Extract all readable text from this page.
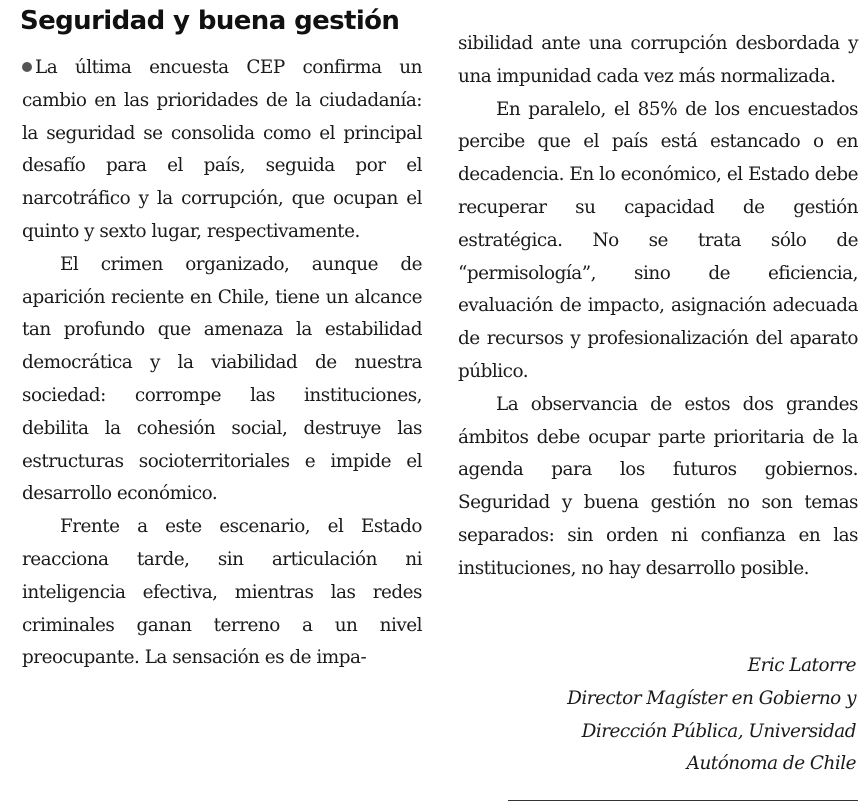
Seguridad y buena gestión

La última encuesta CEP confirma un cambio en las prioridades de la ciudadanía: la seguridad se consolida como el principal desafío para el país, seguida por el narcotráfico y la corrupción, que ocupan el quinto y sexto lugar, respectivamente.

El crimen organizado, aunque de aparición reciente en Chile, tiene un alcance tan profundo que amenaza la estabilidad democrática y la viabilidad de nuestra sociedad: corrompe las instituciones, debilita la cohesión social, destruye las estructuras socioterritoriales e impide el desarrollo económico.

Frente a este escenario, el Estado reacciona tarde, sin articulación ni inteligencia efectiva, mientras las redes criminales ganan terreno a un nivel preocupante. La sensación es de impa-

sibilidad ante una corrupción desbordada y una impunidad cada vez más normalizada.

En paralelo, el 85% de los encuestados percibe que el país está estancado o en decadencia. En lo económico, el Estado debe recuperar su capacidad de gestión estratégica. No se trata sólo de “permisología”, sino de eficiencia, evaluación de impacto, asignación adecuada de recursos y profesionalización del aparato público.

La observancia de estos dos grandes ámbitos debe ocupar parte prioritaria de la agenda para los futuros gobiernos. Seguridad y buena gestión no son temas separados: sin orden ni confianza en las instituciones, no hay desarrollo posible.

Eric Latorre
Director Magíster en Gobierno y
Dirección Pública, Universidad
Autónoma de Chile
